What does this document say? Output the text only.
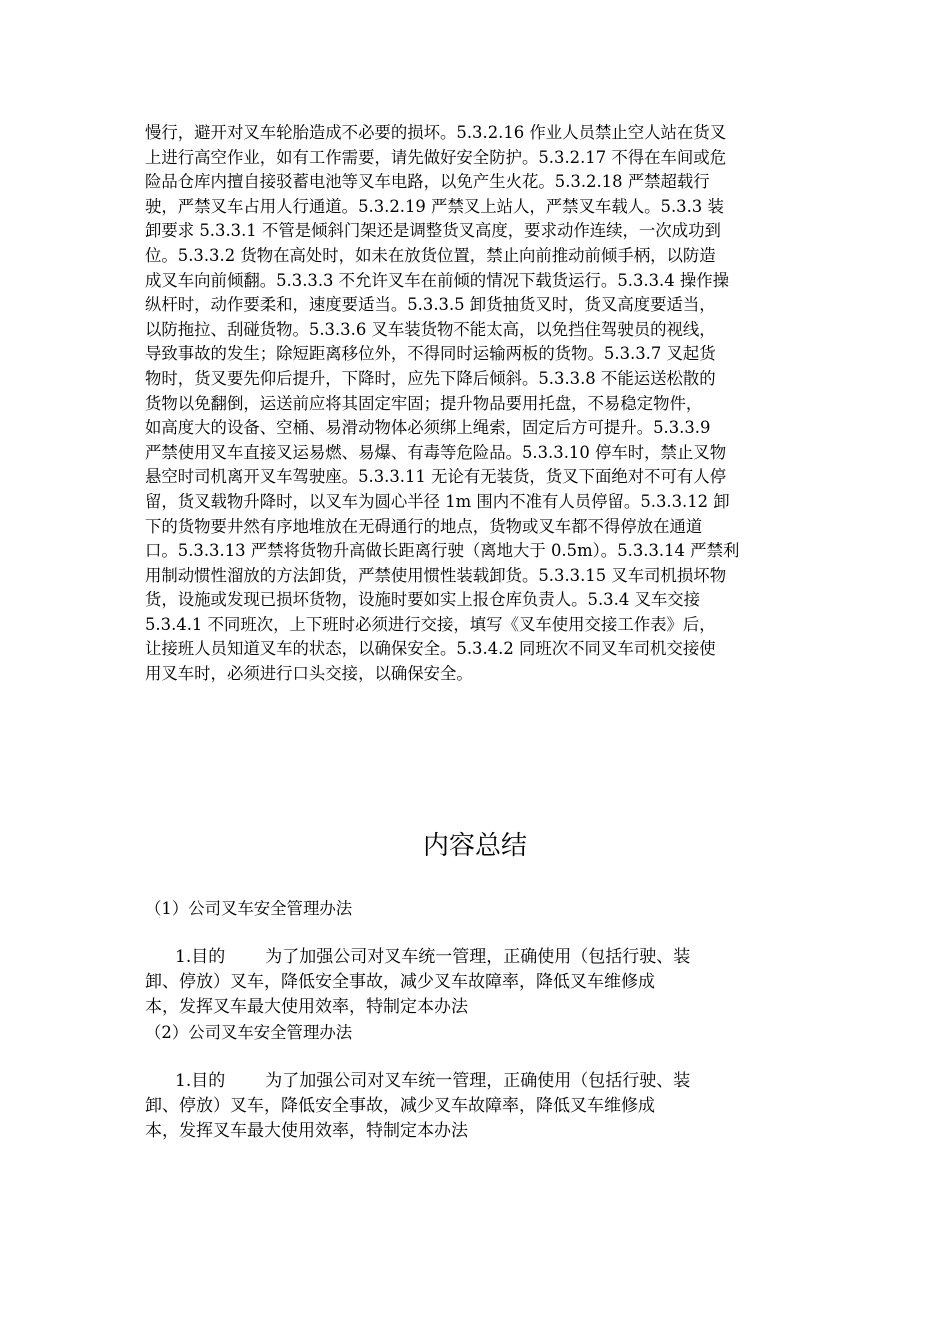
慢行，避开对叉车轮胎造成不必要的损坏。5.3.2.16 作业人员禁止空人站在货叉
上进行高空作业，如有工作需要，请先做好安全防护。5.3.2.17 不得在车间或危
险品仓库内擅自接驳蓄电池等叉车电路，以免产生火花。5.3.2.18 严禁超载行
驶，严禁叉车占用人行通道。5.3.2.19 严禁叉上站人，严禁叉车载人。5.3.3 装
卸要求 5.3.3.1 不管是倾斜门架还是调整货叉高度，要求动作连续，一次成功到
位。5.3.3.2 货物在高处时，如未在放货位置，禁止向前推动前倾手柄，以防造
成叉车向前倾翻。5.3.3.3 不允许叉车在前倾的情况下载货运行。5.3.3.4 操作操
纵杆时，动作要柔和，速度要适当。5.3.3.5 卸货抽货叉时，货叉高度要适当，
以防拖拉、刮碰货物。5.3.3.6 叉车装货物不能太高，以免挡住驾驶员的视线，
导致事故的发生；除短距离移位外，不得同时运输两板的货物。5.3.3.7 叉起货
物时，货叉要先仰后提升，下降时，应先下降后倾斜。5.3.3.8 不能运送松散的
货物以免翻倒，运送前应将其固定牢固；提升物品要用托盘，不易稳定物件，
如高度大的设备、空桶、易滑动物体必须绑上绳索，固定后方可提升。5.3.3.9
严禁使用叉车直接叉运易燃、易爆、有毒等危险品。5.3.3.10 停车时，禁止叉物
悬空时司机离开叉车驾驶座。5.3.3.11 无论有无装货，货叉下面绝对不可有人停
留，货叉载物升降时，以叉车为圆心半径 1m 围内不准有人员停留。5.3.3.12 卸
下的货物要井然有序地堆放在无碍通行的地点，货物或叉车都不得停放在通道
口。5.3.3.13 严禁将货物升高做长距离行驶（离地大于 0.5m）。5.3.3.14 严禁利
用制动惯性溜放的方法卸货，严禁使用惯性装载卸货。5.3.3.15 叉车司机损坏物
货，设施或发现已损坏货物，设施时要如实上报仓库负责人。5.3.4 叉车交接
5.3.4.1 不同班次，上下班时必须进行交接，填写《叉车使用交接工作表》后，
让接班人员知道叉车的状态，以确保安全。5.3.4.2 同班次不同叉车司机交接使
用叉车时，必须进行口头交接，以确保安全。
内容总结
（1）公司叉车安全管理办法
1.目的 为了加强公司对叉车统一管理，正确使用（包括行驶、装
卸、停放）叉车，降低安全事故，减少叉车故障率，降低叉车维修成
本，发挥叉车最大使用效率，特制定本办法
（2）公司叉车安全管理办法
1.目的 为了加强公司对叉车统一管理，正确使用（包括行驶、装
卸、停放）叉车，降低安全事故，减少叉车故障率，降低叉车维修成
本，发挥叉车最大使用效率，特制定本办法
